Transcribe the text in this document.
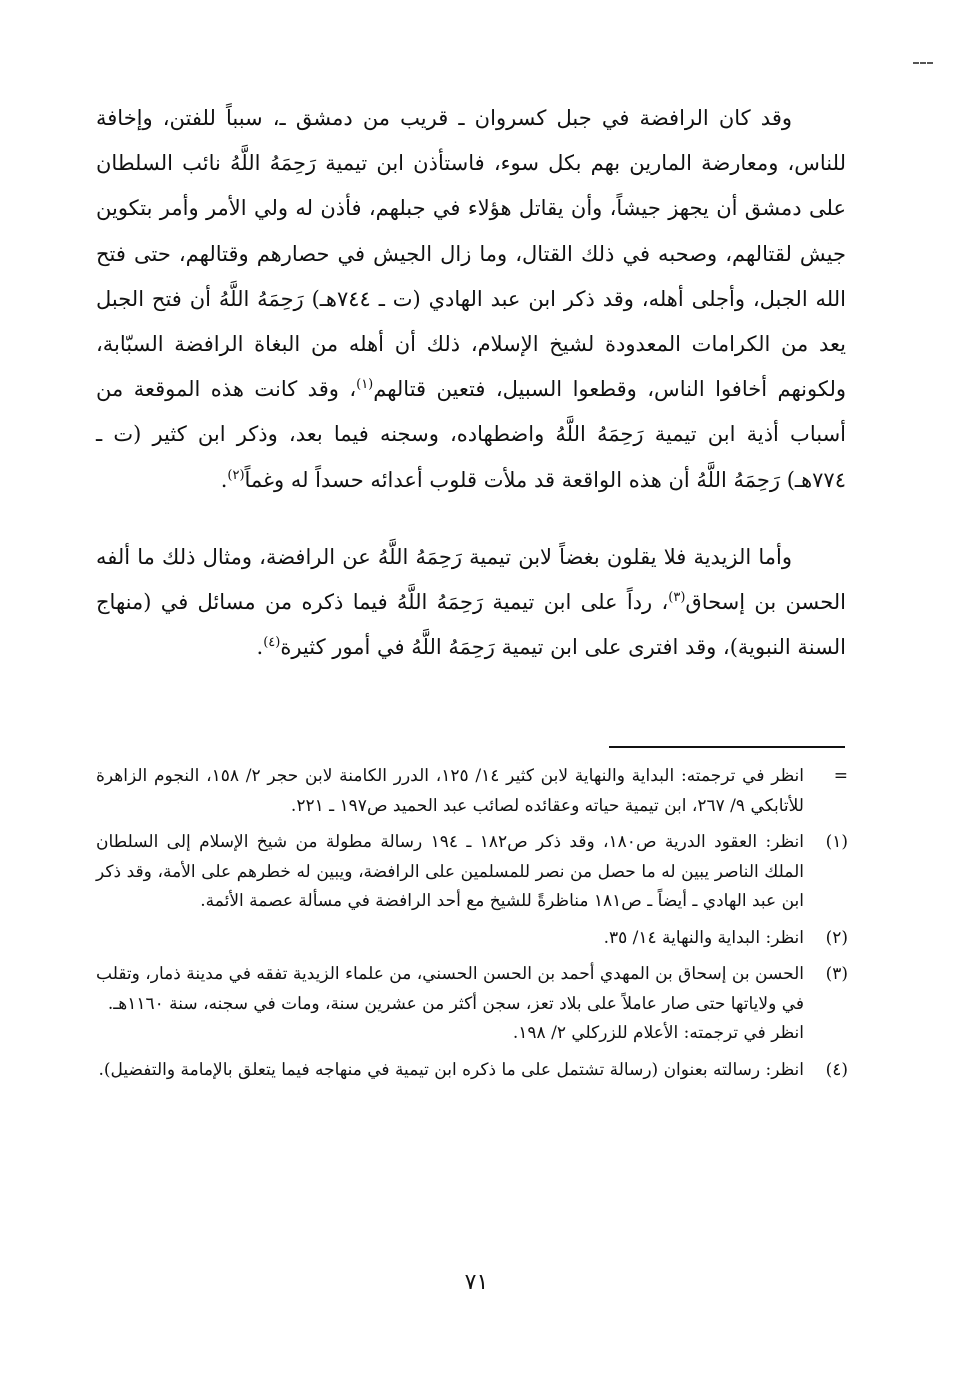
وقد كان الرافضة في جبل كسروان ـ قريب من دمشق ـ، سبباً للفتن، وإخافة للناس، ومعارضة المارين بهم بكل سوء، فاستأذن ابن تيمية رَحِمَهُ اللَّهُ نائب السلطان على دمشق أن يجهز جيشاً، وأن يقاتل هؤلاء في جبلهم، فأذن له ولي الأمر وأمر بتكوين جيش لقتالهم، وصحبه في ذلك القتال، وما زال الجيش في حصارهم وقتالهم، حتى فتح الله الجبل، وأجلى أهله، وقد ذكر ابن عبد الهادي (ت ـ ٧٤٤هـ) رَحِمَهُ اللَّهُ أن فتح الجبل يعد من الكرامات المعدودة لشيخ الإسلام، ذلك أن أهله من البغاة الرافضة السبّابة، ولكونهم أخافوا الناس، وقطعوا السبيل، فتعين قتالهم$^{(١)}$، وقد كانت هذه الموقعة من أسباب أذية ابن تيمية رَحِمَهُ اللَّهُ واضطهاده، وسجنه فيما بعد، وذكر ابن كثير (ت ـ ٧٧٤هـ) رَحِمَهُ اللَّهُ أن هذه الواقعة قد ملأت قلوب أعدائه حسداً له وغماً$^{(٢)}$.

وأما الزيدية فلا يقلون بغضاً لابن تيمية رَحِمَهُ اللَّهُ عن الرافضة، ومثال ذلك ما ألفه الحسن بن إسحاق$^{(٣)}$، رداً على ابن تيمية رَحِمَهُ اللَّهُ فيما ذكره من مسائل في (منهاج السنة النبوية)، وقد افترى على ابن تيمية رَحِمَهُ اللَّهُ في أمور كثيرة$^{(٤)}$.

=
انظر في ترجمته: البداية والنهاية لابن كثير ١٤/ ١٢٥، الدرر الكامنة لابن حجر ٢/ ١٥٨، النجوم الزاهرة للأتابكي ٩/ ٢٦٧، ابن تيمية حياته وعقائده لصائب عبد الحميد ص١٩٧ ـ ٢٢١.
(١)
انظر: العقود الدرية ص١٨٠، وقد ذكر ص١٨٢ ـ ١٩٤ رسالة مطولة من شيخ الإسلام إلى السلطان الملك الناصر يبين له ما حصل من نصر للمسلمين على الرافضة، ويبين له خطرهم على الأمة، وقد ذكر ابن عبد الهادي ـ أيضاً ـ ص١٨١ مناظرةً للشيخ مع أحد الرافضة في مسألة عصمة الأئمة.
(٢)
انظر: البداية والنهاية ١٤/ ٣٥.
(٣)
الحسن بن إسحاق بن المهدي أحمد بن الحسن الحسني، من علماء الزيدية تفقه في مدينة ذمار، وتقلب في ولاياتها حتى صار عاملاً على بلاد تعز، سجن أكثر من عشرين سنة، ومات في سجنه، سنة ١١٦٠هـ.
انظر في ترجمته: الأعلام للزركلي ٢/ ١٩٨.
(٤)
انظر: رسالته بعنوان (رسالة تشتمل على ما ذكره ابن تيمية في منهاجه فيما يتعلق بالإمامة والتفضيل).
٧١
